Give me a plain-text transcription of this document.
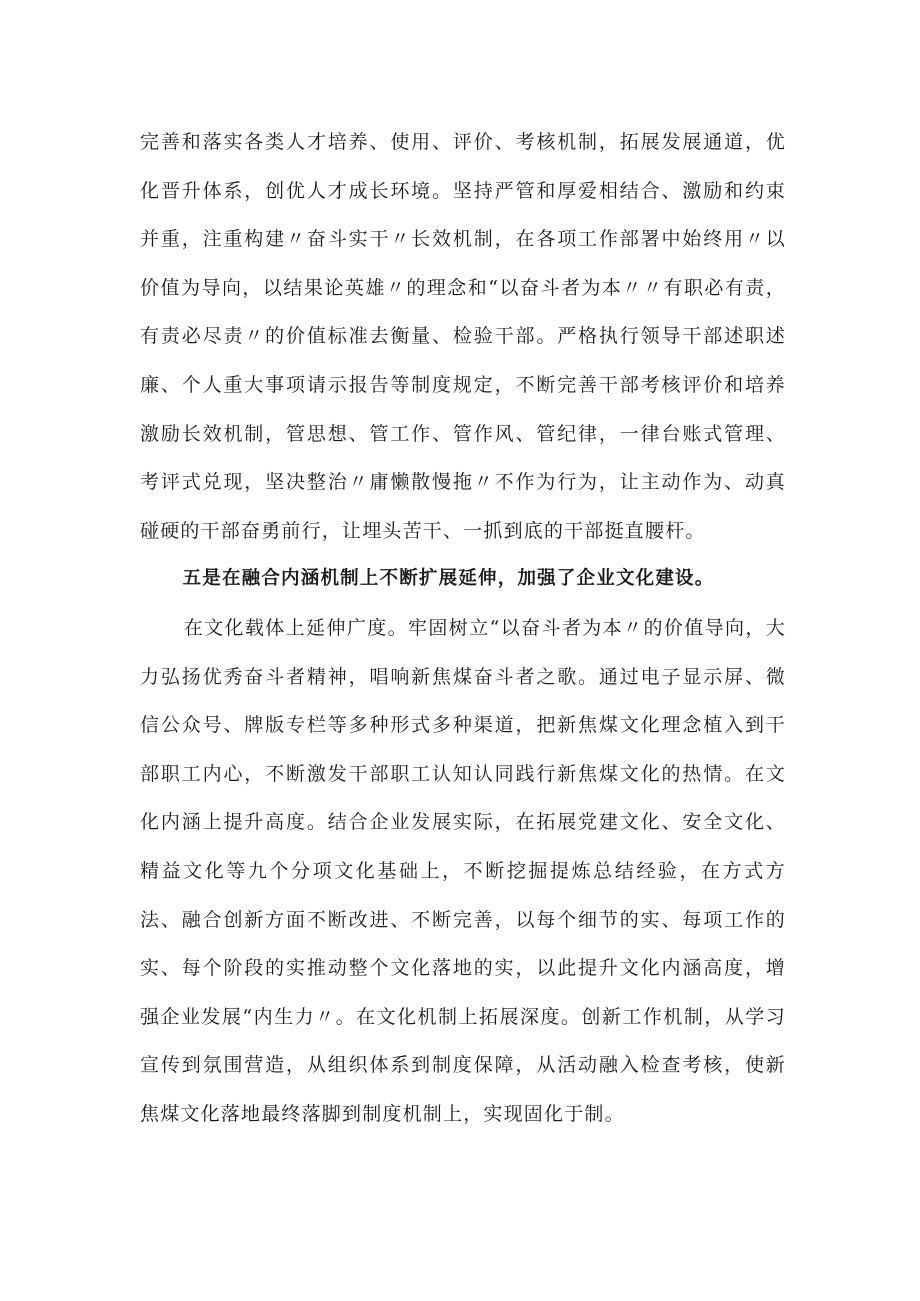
完善和落实各类人才培养、使用、评价、考核机制，拓展发展通道，优化晋升体系，创优人才成长环境。坚持严管和厚爱相结合、激励和约束并重，注重构建〃奋斗实干〃长效机制，在各项工作部署中始终用〃以价值为导向，以结果论英雄〃的理念和“以奋斗者为本〃〃有职必有责，有责必尽责〃的价值标准去衡量、检验干部。严格执行领导干部述职述廉、个人重大事项请示报告等制度规定，不断完善干部考核评价和培养激励长效机制，管思想、管工作、管作风、管纪律，一律台账式管理、考评式兑现，坚决整治〃庸懒散慢拖〃不作为行为，让主动作为、动真碰硬的干部奋勇前行，让埋头苦干、一抓到底的干部挺直腰杆。

五是在融合内涵机制上不断扩展延伸，加强了企业文化建设。

在文化载体上延伸广度。牢固树立“以奋斗者为本〃的价值导向，大力弘扬优秀奋斗者精神，唱响新焦煤奋斗者之歌。通过电子显示屏、微信公众号、牌版专栏等多种形式多种渠道，把新焦煤文化理念植入到干部职工内心，不断激发干部职工认知认同践行新焦煤文化的热情。在文化内涵上提升高度。结合企业发展实际，在拓展党建文化、安全文化、精益文化等九个分项文化基础上，不断挖掘提炼总结经验，在方式方法、融合创新方面不断改进、不断完善，以每个细节的实、每项工作的实、每个阶段的实推动整个文化落地的实，以此提升文化内涵高度，增强企业发展“内生力〃。在文化机制上拓展深度。创新工作机制，从学习宣传到氛围营造，从组织体系到制度保障，从活动融入检查考核，使新焦煤文化落地最终落脚到制度机制上，实现固化于制。
